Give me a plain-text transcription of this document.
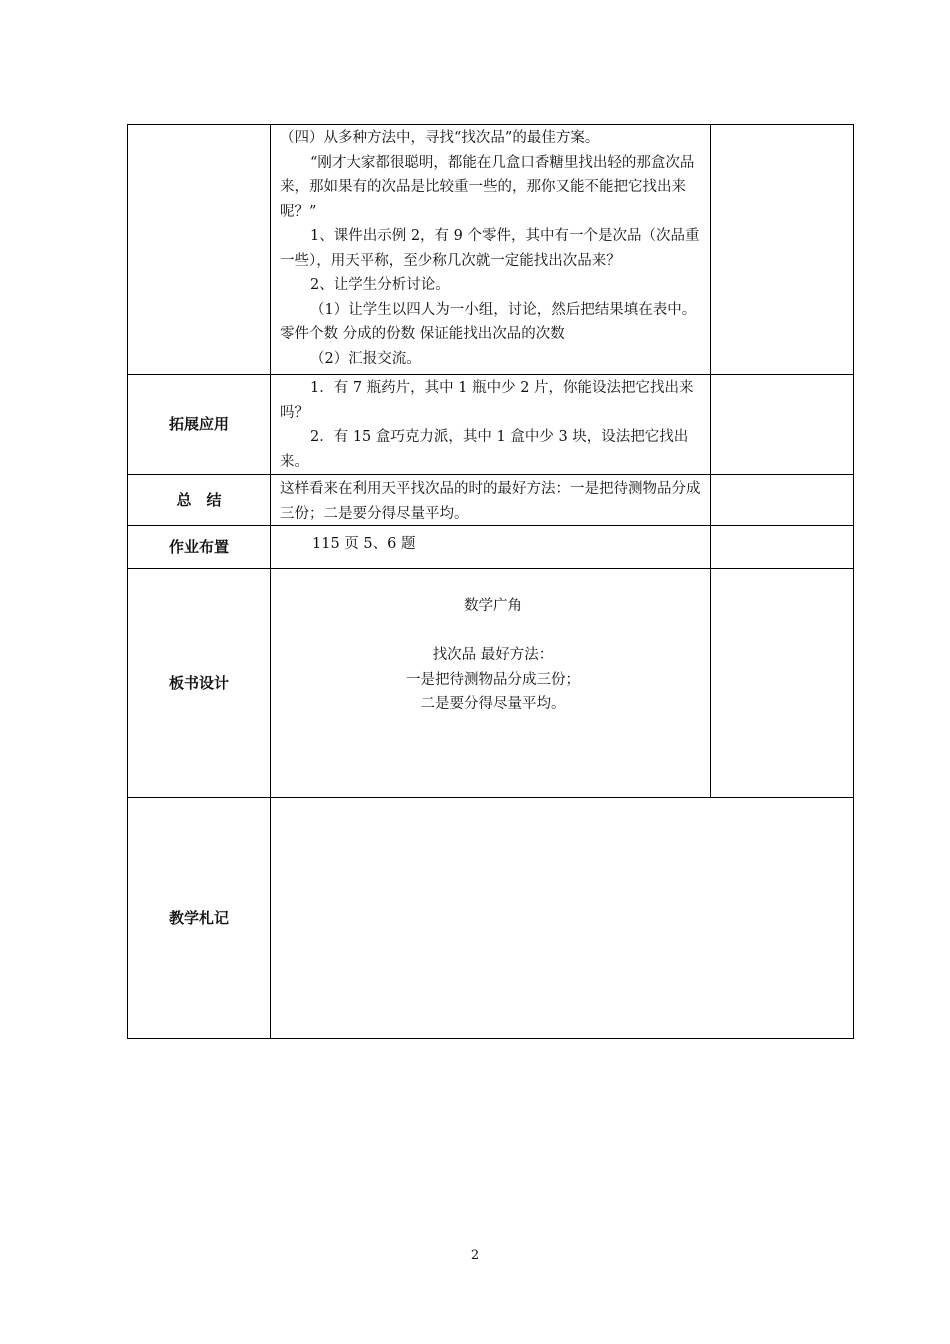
（四）从多种方法中，寻找“找次品”的最佳方案。

“刚才大家都很聪明，都能在几盒口香糖里找出轻的那盒次品来，那如果有的次品是比较重一些的，那你又能不能把它找出来呢？”

1、课件出示例 2，有 9 个零件，其中有一个是次品（次品重一些），用天平称，至少称几次就一定能找出次品来？

2、让学生分析讨论。

（1）让学生以四人为一小组，讨论，然后把结果填在表中。 零件个数 分成的份数 保证能找出次品的次数

（2）汇报交流。

拓展应用

1．有 7 瓶药片，其中 1 瓶中少 2 片，你能设法把它找出来吗？

2．有 15 盒巧克力派，其中 1 盒中少 3 块，设法把它找出来。

总　结
这样看来在利用天平找次品的时的最好方法：一是把待测物品分成三份；二是要分得尽量平均。
作业布置	115 页 5、6 题
板书设计

数学广角

找次品 最好方法：

一是把待测物品分成三份；

二是要分得尽量平均。

教学札记
2
